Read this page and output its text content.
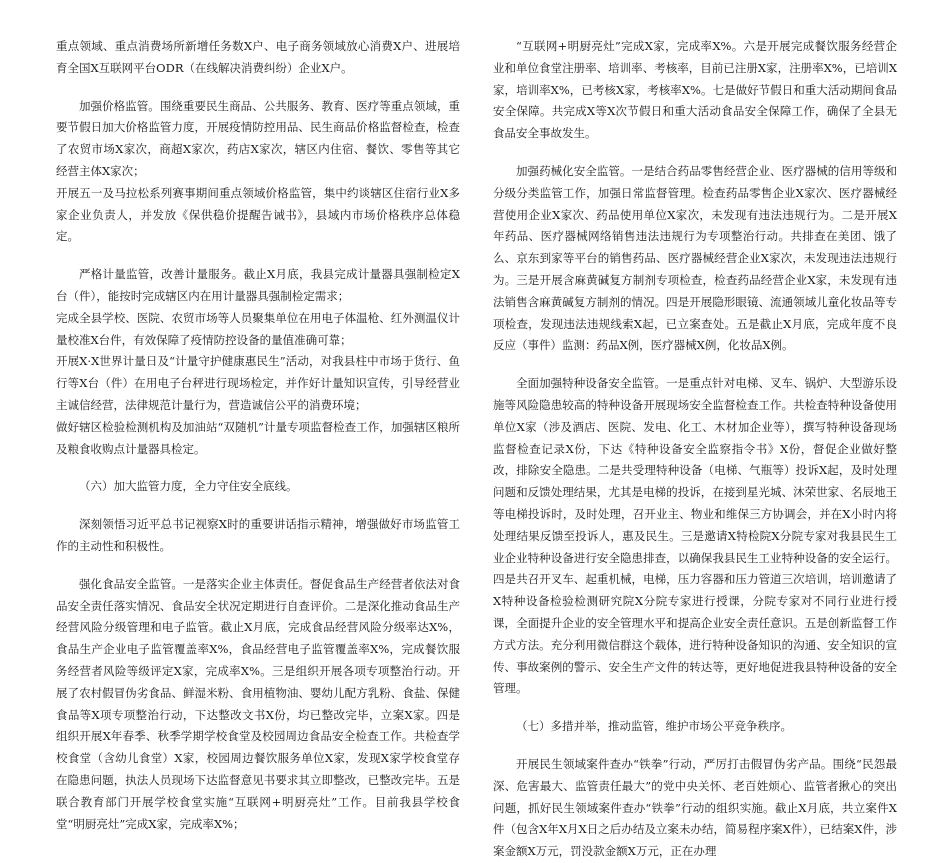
重点领域、重点消费场所新增任务数X户、电子商务领域放心消费X户、进展培育全国X互联网平台ODR（在线解决消费纠纷）企业X户。

加强价格监管。围绕重要民生商品、公共服务、教育、医疗等重点领域，重要节假日加大价格监管力度，开展疫情防控用品、民生商品价格监督检查，检查了农贸市场X家次，商超X家次，药店X家次，辖区内住宿、餐饮、零售等其它经营主体X家次；

开展五一及马拉松系列赛事期间重点领域价格监管，集中约谈辖区住宿行业X多家企业负责人，并发放《保供稳价提醒告诫书》，县域内市场价格秩序总体稳定。

严格计量监管，改善计量服务。截止X月底，我县完成计量器具强制检定X台（件），能按时完成辖区内在用计量器具强制检定需求；

完成全县学校、医院、农贸市场等人员聚集单位在用电子体温枪、红外测温仪计量校准X台件，有效保障了疫情防控设备的量值准确可靠；

开展X·X世界计量日及“计量守护健康惠民生”活动，对我县柱中市场于货行、鱼行等X台（件）在用电子台秤进行现场检定，并作好计量知识宣传，引导经营业主诚信经营，法律规范计量行为，营造诚信公平的消费环境；

做好辖区检验检测机构及加油站“双随机”计量专项监督检查工作，加强辖区粮所及粮食收购点计量器具检定。

（六）加大监管力度，全力守住安全底线。

深刻领悟习近平总书记视察X时的重要讲话指示精神，增强做好市场监管工作的主动性和积极性。

强化食品安全监管。一是落实企业主体责任。督促食品生产经营者依法对食品安全责任落实情况、食品安全状况定期进行自查评价。二是深化推动食品生产经营风险分级管理和电子监管。截止X月底，完成食品经营风险分级率达X%，食品生产企业电子监管覆盖率X%，食品经营电子监管覆盖率X%，完成餐饮服务经营者风险等级评定X家，完成率X%。三是组织开展各项专项整治行动。开展了农村假冒伪劣食品、鲜湿米粉、食用植物油、婴幼儿配方乳粉、食盐、保健食品等X项专项整治行动，下达整改文书X份，均已整改完毕，立案X家。四是组织开展X年春季、秋季学期学校食堂及校园周边食品安全检查工作。共检查学校食堂（含幼儿食堂）X家，校园周边餐饮服务单位X家，发现X家学校食堂存在隐患问题，执法人员现场下达监督意见书要求其立即整改，已整改完毕。五是联合教育部门开展学校食堂实施“互联网+明厨亮灶”工作。目前我县学校食堂“明厨亮灶”完成X家，完成率X%；

“互联网+明厨亮灶”完成X家，完成率X%。六是开展完成餐饮服务经营企业和单位食堂注册率、培训率、考核率，目前已注册X家，注册率X%，已培训X家，培训率X%，已考核X家，考核率X%。七是做好节假日和重大活动期间食品安全保障。共完成X等X次节假日和重大活动食品安全保障工作，确保了全县无食品安全事故发生。

加强药械化安全监管。一是结合药品零售经营企业、医疗器械的信用等级和分级分类监管工作，加强日常监督管理。检查药品零售企业X家次、医疗器械经营使用企业X家次、药品使用单位X家次，未发现有违法违规行为。二是开展X年药品、医疗器械网络销售违法违规行为专项整治行动。共排查在美团、饿了么、京东到家等平台的销售药品、医疗器械经营企业X家次，未发现违法违规行为。三是开展含麻黄碱复方制剂专项检查，检查药品经营企业X家，未发现有违法销售含麻黄碱复方制剂的情况。四是开展隐形眼镜、流通领域儿童化妆品等专项检查，发现违法违规线索X起，已立案查处。五是截止X月底，完成年度不良反应（事件）监测：药品X例，医疗器械X例，化妆品X例。

全面加强特种设备安全监管。一是重点针对电梯、叉车、锅炉、大型游乐设施等风险隐患较高的特种设备开展现场安全监督检查工作。共检查特种设备使用单位X家（涉及酒店、医院、发电、化工、木材加企业等），撰写特种设备现场监督检查记录X份，下达《特种设备安全监察指令书》X份，督促企业做好整改，排除安全隐患。二是共受理特种设备（电梯、气瓶等）投诉X起，及时处理问题和反馈处理结果，尤其是电梯的投诉，在接到星光城、沐荣世家、名辰地王等电梯投诉时，及时处理，召开业主、物业和维保三方协调会，并在X小时内将处理结果反馈至投诉人，惠及民生。三是邀请X特检院X分院专家对我县民生工业企业特种设备进行安全隐患排查，以确保我县民生工业特种设备的安全运行。四是共召开叉车、起重机械，电梯，压力容器和压力管道三次培训，培训邀请了X特种设备检验检测研究院X分院专家进行授课，分院专家对不同行业进行授课，全面提升企业的安全管理水平和提高企业安全责任意识。五是创新监督工作方式方法。充分利用微信群这个载体，进行特种设备知识的沟通、安全知识的宣传、事故案例的警示、安全生产文件的转达等，更好地促进我县特种设备的安全管理。

（七）多措并举，推动监管，维护市场公平竞争秩序。

开展民生领域案件查办“铁拳”行动，严厉打击假冒伪劣产品。围绕“民怨最深、危害最大、监管责任最大”的党中央关怀、老百姓烦心、监管者揪心的突出问题，抓好民生领域案件查办“铁拳”行动的组织实施。截止X月底，共立案件X件（包含X年X月X日之后办结及立案未办结，简易程序案X件），已结案X件，涉案金额X万元，罚没款金额X万元，正在办理
